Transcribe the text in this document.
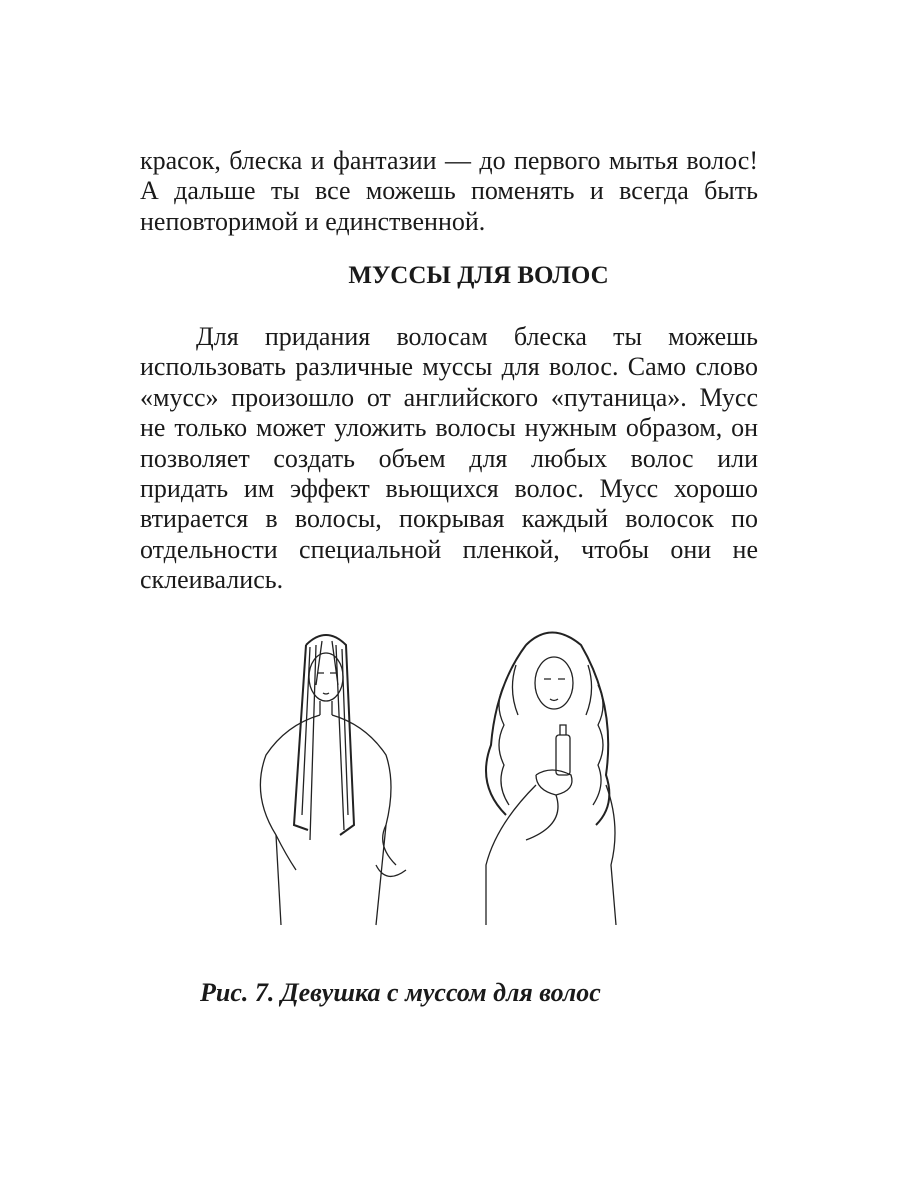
красок, блеска и фантазии — до первого мытья волос!
А дальше ты все можешь поменять и всегда быть
неповторимой и единственной.
МУССЫ ДЛЯ ВОЛОС
Для придания волосам блеска ты можешь
использовать различные муссы для волос. Само слово
«мусс» произошло от английского «путаница». Мусс
не только может уложить волосы нужным образом, он
позволяет создать объем для любых волос или
придать им эффект вьющихся волос. Мусс хорошо
втирается в волосы, покрывая каждый волосок по
отдельности специальной пленкой, чтобы они не
склеивались.
Рис. 7. Девушка с муссом для волос
